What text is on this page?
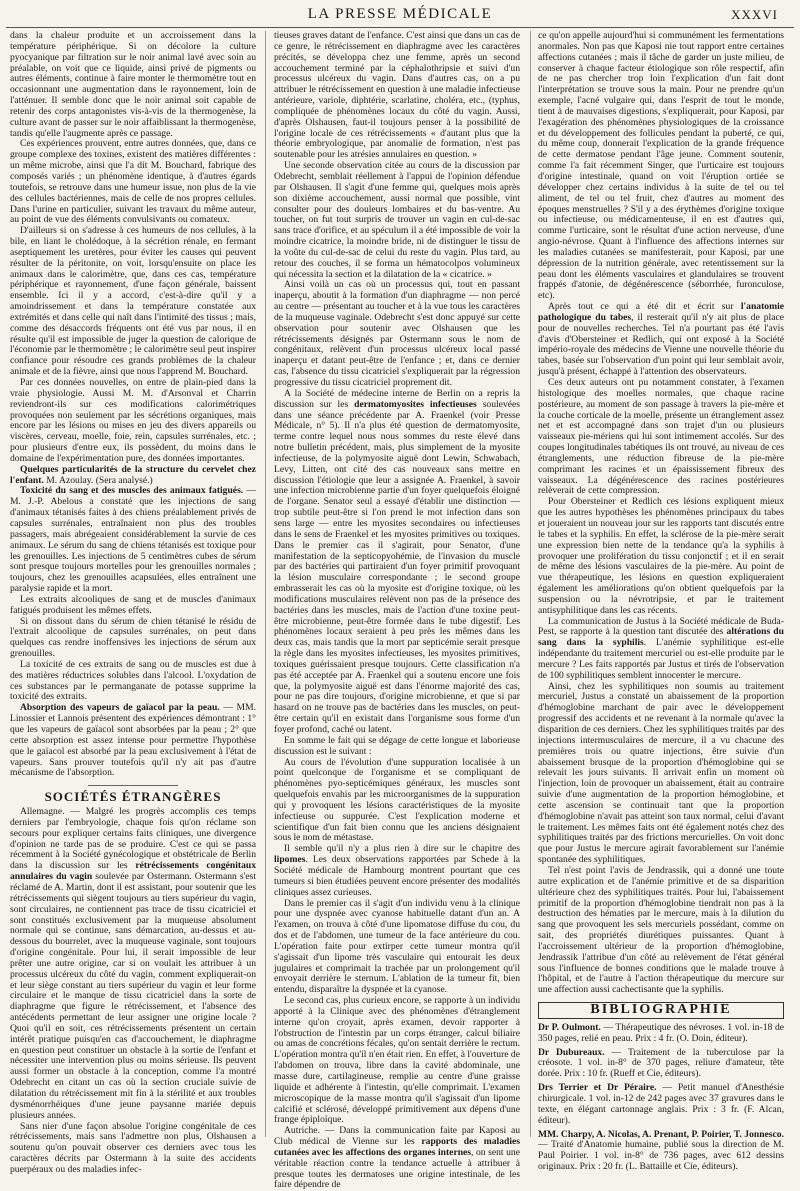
LA PRESSE MÉDICALE	XXXVI

dans la chaleur produite et un accroissement dans la température périphérique. Si on décolore la culture pyocyanique par filtration sur le noir animal lavé avec soin au préalable, on voit que ce liquide, ainsi privé de pigments ou autres éléments, continue à faire monter le thermomètre tout en occasionnant une augmentation dans le rayonnement, loin de l'atténuer. Il semble donc que le noir animal soit capable de retenir des corps antagonistes vis-à-vis de la thermogenèse, la culture avant de passer sur le noir affaiblissant la thermogenèse, tandis qu'elle l'augmente après ce passage.

Ces expériences prouvent, entre autres données, que, dans ce groupe complexe des toxines, existent des matières différentes : un même microbe, ainsi que l'a dit M. Bouchard, fabrique des composés variés ; un phénomène identique, à d'autres égards toutefois, se retrouve dans une humeur issue, non plus de la vie des cellules bactériennes, mais de celle de nos propres cellules. Dans l'urine en particulier, suivant les travaux du même auteur, au point de vue des éléments convulsivants ou comateux.

D'ailleurs si on s'adresse à ces humeurs de nos cellules, à la bile, en liant le cholédoque, à la sécrétion rénale, en fermant aseptiquement les uretères, pour éviter les causes qui peuvent résulter de la péritonite, on voit, lorsqu'ensuite on place les animaux dans le calorimètre, que, dans ces cas, température périphérique et rayonnement, d'une façon générale, baissent ensemble. Ici il y a accord, c'est-à-dire qu'il y a amoindrissement et dans la température constatée aux extrémités et dans celle qui naît dans l'intimité des tissus ; mais, comme des désaccords fréquents ont été vus par nous, il en résulte qu'il est impossible de juger la question de calorique de l'économie par le thermomètre ; le calorimètre seul peut inspirer confiance pour résoudre ces grands problèmes de la chaleur animale et de la fièvre, ainsi que nous l'apprend M. Bouchard.

Par ces données nouvelles, on entre de plain-pied dans la vraie physiologie. Aussi M. M. d'Arsonval et Charrin reviendront-ils sur ces modifications calorimétriques provoquées non seulement par les sécrétions organiques, mais encore par les lésions ou mises en jeu des divers appareils ou viscères, cerveau, moelle, foie, rein, capsules surrénales, etc. ; pour plusieurs d'entre eux, ils possèdent, du moins dans le domaine de l'expérimentation pure, des données importantes.

Quelques particularités de la structure du cervelet chez l'enfant. M. Azoulay. (Sera analysé.)

Toxicité du sang et des muscles des animaux fatigués. — M. J.-P. Abelous a constaté que les injections de sang d'animaux tétanisés faites à des chiens préalablement privés de capsules surrénales, entraînaient non plus des troubles passagers, mais abrégeaient considérablement la survie de ces animaux. Le sérum du sang de chiens tétanisés est toxique pour les grenouilles. Les injections de 5 centimètres cubes de sérum sont presque toujours mortelles pour les grenouilles normales ; toujours, chez les grenouilles acapsulées, elles entraînent une paralysie rapide et la mort.

Les extraits alcooliques de sang et de muscles d'animaux fatigués produisent les mêmes effets.

Si on dissout dans du sérum de chien tétanisé le résidu de l'extrait alcoolique de capsules surrénales, on peut dans quelques cas rendre inoffensives les injections de sérum aux grenouilles.

La toxicité de ces extraits de sang ou de muscles est due à des matières réductrices solubles dans l'alcool. L'oxydation de ces substances par le permanganate de potasse supprime la toxicité des extraits.

Absorption des vapeurs de gaïacol par la peau. — MM. Linossier et Lannois présentent des expériences démontrant : 1° que les vapeurs de gaïacol sont absorbées par la peau ; 2° que cette absorption est assez intense pour permettre l'hypothèse que le gaïacol est absorbé par la peau exclusivement à l'état de vapeurs. Sans prouver toutefois qu'il n'y ait pas d'autre mécanisme de l'absorption.

SOCIÉTÉS ÉTRANGÈRES

Allemagne. — Malgré les progrès accomplis ces temps derniers par l'embryologie, chaque fois qu'on réclame son secours pour expliquer certains faits cliniques, une divergence d'opinion ne tarde pas de se produire. C'est ce qui se passa récemment à la Société gynécologique et obstétricale de Berlin dans la discussion sur les rétrécissements congénitaux annulaires du vagin soulevée par Ostermann. Ostermann s'est réclamé de A. Martin, dont il est assistant, pour soutenir que les rétrécissements qui siègent toujours au tiers supérieur du vagin, sont circulaires, ne contiennent pas trace de tissu cicatriciel et sont constitués exclusivement par la muqueuse absolument normale qui se continue, sans démarcation, au-dessus et au-dessous du bourrelet, avec la muqueuse vaginale, sont toujours d'origine congénitale. Pour lui, il serait impossible de leur prêter une autre origine, car si on voulait les attribuer à un processus ulcéreux du côté du vagin, comment expliquerait-on et leur siège constant au tiers supérieur du vagin et leur forme circulaire et le manque de tissu cicatriciel dans la sorte de diaphragme que figure le rétrécissement, et l'absence des antécédents permettant de leur assigner une origine locale ? Quoi qu'il en soit, ces rétrécissements présentent un certain intérêt pratique puisqu'en cas d'accouchement, le diaphragme en question peut constituer un obstacle à la sortie de l'enfant et nécessiter une intervention plus ou moins sérieuse. Ils peuvent aussi former un obstacle à la conception, comme l'a montré Odebrecht en citant un cas où la section cruciale suivie de dilatation du rétrécissement mit fin à la stérilité et aux troubles dysménorrhéiques d'une jeune paysanne mariée depuis plusieurs années.

Sans nier d'une façon absolue l'origine congénitale de ces rétrécissements, mais sans l'admettre non plus, Olshausen a soutenu qu'on pouvait observer ces derniers avec tous les caractères décrits par Ostermann à la suite des accidents puerpéraux ou des maladies infec-

tieuses graves datant de l'enfance. C'est ainsi que dans un cas de ce genre, le rétrécissement en diaphragme avec les caractères précités, se développa chez une femme, après un second accouchement terminé par la céphalothripsie et suivi d'un processus ulcéreux du vagin. Dans d'autres cas, on a pu attribuer le rétrécissement en question à une maladie infectieuse antérieure, variole, diphtérie, scarlatine, choléra, etc., (typhus, compliquée de phénomènes locaux du côté du vagin. Aussi, d'après Olshausen, faut-il toujours penser à la possibilité de l'origine locale de ces rétrécissements « d'autant plus que la théorie embryologique, par anomalie de formation, n'est pas soutenable pour les atrésies annulaires en question. »

Une seconde observation citée au cours de la discussion par Odebrecht, semblait réellement à l'appui de l'opinion défendue par Olshausen. Il s'agit d'une femme qui, quelques mois après son dixième accouchement, aussi normal que possible, vint consulter pour des douleurs lombaires et du bas-ventre. Au toucher, on fut tout surpris de trouver un vagin en cul-de-sac sans trace d'orifice, et au spéculum il a été impossible de voir la moindre cicatrice, la moindre bride, ni de distinguer le tissu de la voûte du cul-de-sac de celui du reste du vagin. Plus tard, au retour des couches, il se forma un hématocolpos volumineux qui nécessita la section et la dilatation de la « cicatrice. »

Ainsi voilà un cas où un processus qui, tout en passant inaperçu, aboutit à la formation d'un diaphragme — non percé au centre — présentant au toucher et à la vue tous les caractères de la muqueuse vaginale. Odebrecht s'est donc appuyé sur cette observation pour soutenir avec Olshausen que les rétrécissements désignés par Ostermann sous le nom de congénitaux, relèvent d'un processus ulcéreux local passé inaperçu et datant peut-être de l'enfance ; et, dans ce dernier cas, l'absence du tissu cicatriciel s'expliquerait par la régression progressive du tissu cicatriciel proprement dit.

A la Société de médecine interne de Berlin on a repris la discussion sur les dermatomyosites infectieuses soulevées dans une séance précédente par A. Fraenkel (voir Presse Médicale, n° 5). Il n'a plus été question de dermatomyosite, terme contre lequel nous nous sommes du reste élevé dans notre bulletin précédent, mais, plus simplement de la myosite infectieuse, de la polymyosite aiguë dont Lewin, Schwabach, Levy, Litten, ont cité des cas nouveaux sans mettre en discussion l'étiologie que leur a assignée A. Fraenkel, à savoir une infection microbienne partie d'un foyer quelquefois éloigné de l'organe. Senator seul a essayé d'établir une distinction — trop subtile peut-être si l'on prend le mot infection dans son sens large — entre les myosites secondaires ou infectieuses dans le sens de Fraenkel et les myosites primitives ou toxiques. Dans le premier cas il s'agirait, pour Senator, d'une manifestation de la septicopyohémie, de l'invasion du muscle par des bactéries qui partiraient d'un foyer primitif provoquant la lésion musculaire correspondante ; le second groupe embrasserait les cas où la myosite est d'origine toxique, où les modifications musculaires relèvent non pas de la présence des bactéries dans les muscles, mais de l'action d'une toxine peut-être microbienne, peut-être formée dans le tube digestif. Les phénomènes locaux seraient à peu près les mêmes dans les deux cas, mais tandis que la mort par septicémie serait presque la règle dans les myosites infectieuses, les myosites primitives, toxiques guérissaient presque toujours. Cette classification n'a pas été acceptée par A. Fraenkel qui a soutenu encore une fois que, la polymyosite aiguë est dans l'énorme majorité des cas, pour ne pas dire toujours, d'origine microbienne, et que si par hasard on ne trouve pas de bactéries dans les muscles, on peut-être certain qu'il en existait dans l'organisme sous forme d'un foyer profond, caché ou latent.

En somme le fait qui se dégage de cette longue et laborieuse discussion est le suivant :

Au cours de l'évolution d'une suppuration localisée à un point quelconque de l'organisme et se compliquant de phénomènes pyo-septicémiques généraux, les muscles sont quelquefois envahis par les microorganismes de la suppuration qui y provoquent les lésions caractéristiques de la myosite infectieuse ou suppurée. C'est l'explication moderne et scientifique d'un fait bien connu que les anciens désignaient sous le nom de métastase.

Il semble qu'il n'y a plus rien à dire sur le chapitre des lipomes. Les deux observations rapportées par Schede à la Société médicale de Hambourg montrent pourtant que ces tumeurs si bien étudiées peuvent encore présenter des modalités cliniques assez curieuses.

Dans le premier cas il s'agit d'un individu venu à la clinique pour une dyspnée avec cyanose habituelle datant d'un an. A l'examen, on trouva à côté d'une lipomatose diffuse du cou, du dos et de l'abdomen, une tumeur de la face antérieure du cou. L'opération faite pour extirper cette tumeur montra qu'il s'agissait d'un lipome très vasculaire qui entourait les deux jugulaires et comprimait la trachée par un prolongement qu'il envoyait derrière le sternum. L'ablation de la tumeur fit, bien entendu, disparaître la dyspnée et la cyanose.

Le second cas, plus curieux encore, se rapporte à un individu apporté à la Clinique avec des phénomènes d'étranglement interne qu'on croyait, après examen, devoir rapporter à l'obstruction de l'intestin par un corps étranger, calcul biliaire ou amas de concrétions fécales, qu'on sentait derrière le rectum. L'opération montra qu'il n'en était rien. En effet, à l'ouverture de l'abdomen on trouva, libre dans la cavité abdominale, une masse dure, cartilagineuse, remplie au centre d'une graisse liquide et adhérente à l'intestin, qu'elle comprimait. L'examen microscopique de la masse montra qu'il s'agissait d'un lipome calcifié et sclérosé, développé primitivement aux dépens d'une frange épiploïque.

Autriche. — Dans la communication faite par Kaposi au Club médical de Vienne sur les rapports des maladies cutanées avec les affections des organes internes, on sent une véritable réaction contre la tendance actuelle à attribuer à presque toutes les dermatoses une origine intestinale, de les faire dépendre de

ce qu'on appelle aujourd'hui si communément les fermentations anormales. Non pas que Kaposi nie tout rapport entre certaines affections cutanées ; mais il tâche de garder un juste milieu, de conserver à chaque facteur étiologique son rôle respectif, afin de ne pas chercher trop loin l'explication d'un fait dont l'interprétation se trouve sous la main. Pour ne prendre qu'un exemple, l'acné vulgaire qui, dans l'esprit de tout le monde, tient à de mauvaises digestions, s'expliquerait, pour Kaposi, par l'exagération des phénomènes physiologiques de la croissance et du développement des follicules pendant la puberté, ce qui, du même coup, donnerait l'explication de la grande fréquence de cette dermatose pendant l'âge jeune. Comment soutenir, comme l'a fait récemment Singer, que l'urticaire est toujours d'origine intestinale, quand on voit l'éruption ortiée se développer chez certains individus à la suite de tel ou tel aliment, de tel ou tel fruit, chez d'autres au moment des époques menstruelles ? S'il y a des érythèmes d'origine toxique ou infectieuse, ou médicamenteuse, il en est d'autres qui, comme l'urticaire, sont le résultat d'une action nerveuse, d'une angio-névrose. Quant à l'influence des affections internes sur les maladies cutanées se manifesterait, pour Kaposi, par une dépression de la nutrition générale, avec retentissement sur la peau dont les éléments vasculaires et glandulaires se trouvent frappés d'atonie, de dégénérescence (séborrhée, furonculose, etc).

Après tout ce qui a été dit et écrit sur l'anatomie pathologique du tabes, il resterait qu'il n'y ait plus de place pour de nouvelles recherches. Tel n'a pourtant pas été l'avis d'avis d'Obersteiner et Redlich, qui ont exposé à la Société império-royale des médecins de Vienne une nouvelle théorie du tabes, basée sur l'observation d'un point qui leur semblait avoir, jusqu'à présent, échappé à l'attention des observateurs.

Ces deux auteurs ont pu notamment constater, à l'examen histologique des moelles normales, que chaque racine postérieure, au moment de son passage à travers la pie-mère et la couche corticale de la moelle, présente un étranglement assez net et est accompagné dans son trajet d'un ou plusieurs vaisseaux pie-mériens qui lui sont intimement accolés. Sur des coupes longitudinales tabétiques ils ont trouvé, au niveau de ces étranglements, une réduction fibreuse de la pie-mère comprimant les racines et un épaississement fibreux des vaisseaux. La dégénérescence des racines postérieures relèverait de cette compression.

Pour Obersteiner et Redlich ces lésions expliquent mieux que les autres hypothèses les phénomènes principaux du tabes et joueraient un nouveau jour sur les rapports tant discutés entre le tabes et la syphilis. En effet, la sclérose de la pie-mère serait une expression bien nette de la tendance qu'a la syphilis à provoquer une prolifération du tissu conjonctif ; et il en serait de même des lésions vasculaires de la pie-mère. Au point de vue thérapeutique, les lésions en question expliqueraient également les améliorations qu'on obtient quelquefois par la suspension ou la névrotripsie, et par le traitement antisyphilitique dans les cas récents.

La communication de Justus à la Société médicale de Buda-Pest, se rapporte à la question tant discutée des altérations du sang dans la syphilis. L'anémie syphilitique est-elle indépendante du traitement mercuriel ou est-elle produite par le mercure ? Les faits rapportés par Justus et tirés de l'observation de 100 syphilitiques semblent innocenter le mercure.

Ainsi, chez les syphilitiques non soumis au traitement mercuriel, Justus a constaté un abaissement de la proportion d'hémoglobine marchant de pair avec le développement progressif des accidents et ne revenant à la normale qu'avec la disparition de ces derniers. Chez les syphilitiques traités par des injections intermusculaires de mercure, il a vu chacune des premières trois ou quatre injections, être suivie d'un abaissement brusque de la proportion d'hémoglobine qui se relevait les jours suivants. Il arrivait enfin un moment où l'injection, loin de provoquer un abaissement, était au contraire suivie d'une augmentation de la proportion hémoglobine, et cette ascension se continuait tant que la proportion d'hémoglobine n'avait pas atteint son taux normal, celui d'avant le traitement. Les mêmes faits ont été également notés chez des syphilitiques traités par des frictions mercurielles. On voit donc que pour Justus le mercure agirait favorablement sur l'anémie spontanée des syphilitiques.

Tel n'est point l'avis de Jendrassik, qui a donné une toute autre explication et de l'anémie primitive et de sa disparition ultérieure chez des syphilitiques traités. Pour lui, l'abaissement primitif de la proportion d'hémoglobine tiendrait non pas à la destruction des hématies par le mercure, mais à la dilution du sang que provoquent les sels mercuriels possédant, comme on sait, des propriétés diurétiques puissantes. Quant à l'accroissement ultérieur de la proportion d'hémoglobine, Jendrassik l'attribue d'un côté au relèvement de l'état général sous l'influence de bonnes conditions que le malade trouve à l'hôpital, et de l'autre à l'action thérapeutique du mercure sur une affection aussi cachectisante que la syphilis.

BIBLIOGRAPHIE

Dr P. Oulmont. — Thérapeutique des névroses. 1 vol. in-18 de 350 pages, relié en peau. Prix : 4 fr. (O. Doin, éditeur).

Dr Dubureaux. — Traitement de la tuberculose par la créosote. 1 vol. in-8° de 370 pages, reliure d'amateur, tête dorée. Prix : 10 fr. (Rueff et Cie, éditeurs).

Drs Terrier et Dr Péraire. — Petit manuel d'Anesthésie chirurgicale. 1 vol. in-12 de 242 pages avec 37 gravures dans le texte, en élégant cartonnage anglais. Prix : 3 fr. (F. Alcan, éditeur).

MM. Charpy, A. Nicolas, A. Prenant, P. Poirier, T. Jonnesco. — Traité d'Anatomie humaine, publié sous la direction de M. Paul Poirier. 1 vol. in-8° de 736 pages, avec 612 dessins originaux. Prix : 20 fr. (L. Battaille et Cie, éditeurs).
